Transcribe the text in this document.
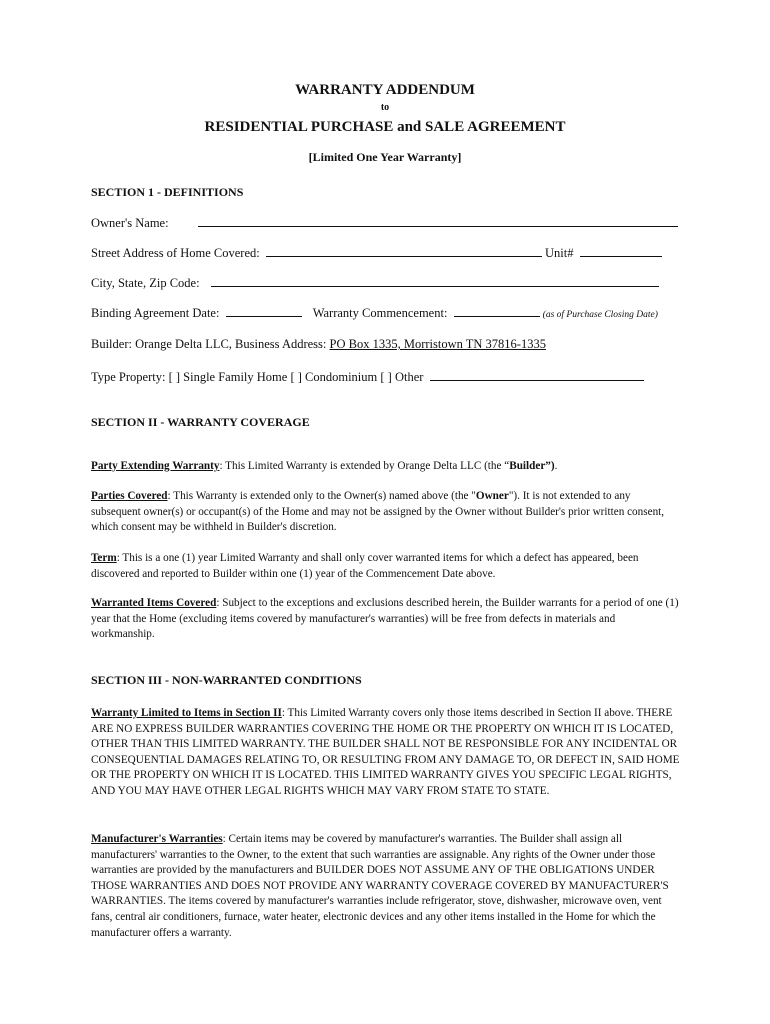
WARRANTY ADDENDUM
to
RESIDENTIAL PURCHASE and SALE AGREEMENT
[Limited One Year Warranty]
SECTION 1 - DEFINITIONS
Owner's Name:
Street Address of Home Covered:	Unit#
City, State, Zip Code:
Binding Agreement Date:	Warranty Commencement:	(as of Purchase Closing Date)
Builder: Orange Delta LLC, Business Address: PO Box 1335, Morristown TN 37816-1335
Type Property: [ ] Single Family Home [ ] Condominium [ ] Other
SECTION II - WARRANTY COVERAGE
Party Extending Warranty: This Limited Warranty is extended by Orange Delta LLC (the “Builder”).
Parties Covered: This Warranty is extended only to the Owner(s) named above (the "Owner"). It is not extended to any subsequent owner(s) or occupant(s) of the Home and may not be assigned by the Owner without Builder's prior written consent, which consent may be withheld in Builder's discretion.
Term: This is a one (1) year Limited Warranty and shall only cover warranted items for which a defect has appeared, been discovered and reported to Builder within one (1) year of the Commencement Date above.
Warranted Items Covered: Subject to the exceptions and exclusions described herein, the Builder warrants for a period of one (1) year that the Home (excluding items covered by manufacturer's warranties) will be free from defects in materials and workmanship.
SECTION III - NON-WARRANTED CONDITIONS
Warranty Limited to Items in Section II: This Limited Warranty covers only those items described in Section II above. THERE ARE NO EXPRESS BUILDER WARRANTIES COVERING THE HOME OR THE PROPERTY ON WHICH IT IS LOCATED, OTHER THAN THIS LIMITED WARRANTY. THE BUILDER SHALL NOT BE RESPONSIBLE FOR ANY INCIDENTAL OR CONSEQUENTIAL DAMAGES RELATING TO, OR RESULTING FROM ANY DAMAGE TO, OR DEFECT IN, SAID HOME OR THE PROPERTY ON WHICH IT IS LOCATED. THIS LIMITED WARRANTY GIVES YOU SPECIFIC LEGAL RIGHTS, AND YOU MAY HAVE OTHER LEGAL RIGHTS WHICH MAY VARY FROM STATE TO STATE.
Manufacturer's Warranties: Certain items may be covered by manufacturer's warranties. The Builder shall assign all manufacturers' warranties to the Owner, to the extent that such warranties are assignable. Any rights of the Owner under those warranties are provided by the manufacturers and BUILDER DOES NOT ASSUME ANY OF THE OBLIGATIONS UNDER THOSE WARRANTIES AND DOES NOT PROVIDE ANY WARRANTY COVERAGE COVERED BY MANUFACTURER'S WARRANTIES. The items covered by manufacturer's warranties include refrigerator, stove, dishwasher, microwave oven, vent fans, central air conditioners, furnace, water heater, electronic devices and any other items installed in the Home for which the manufacturer offers a warranty.
